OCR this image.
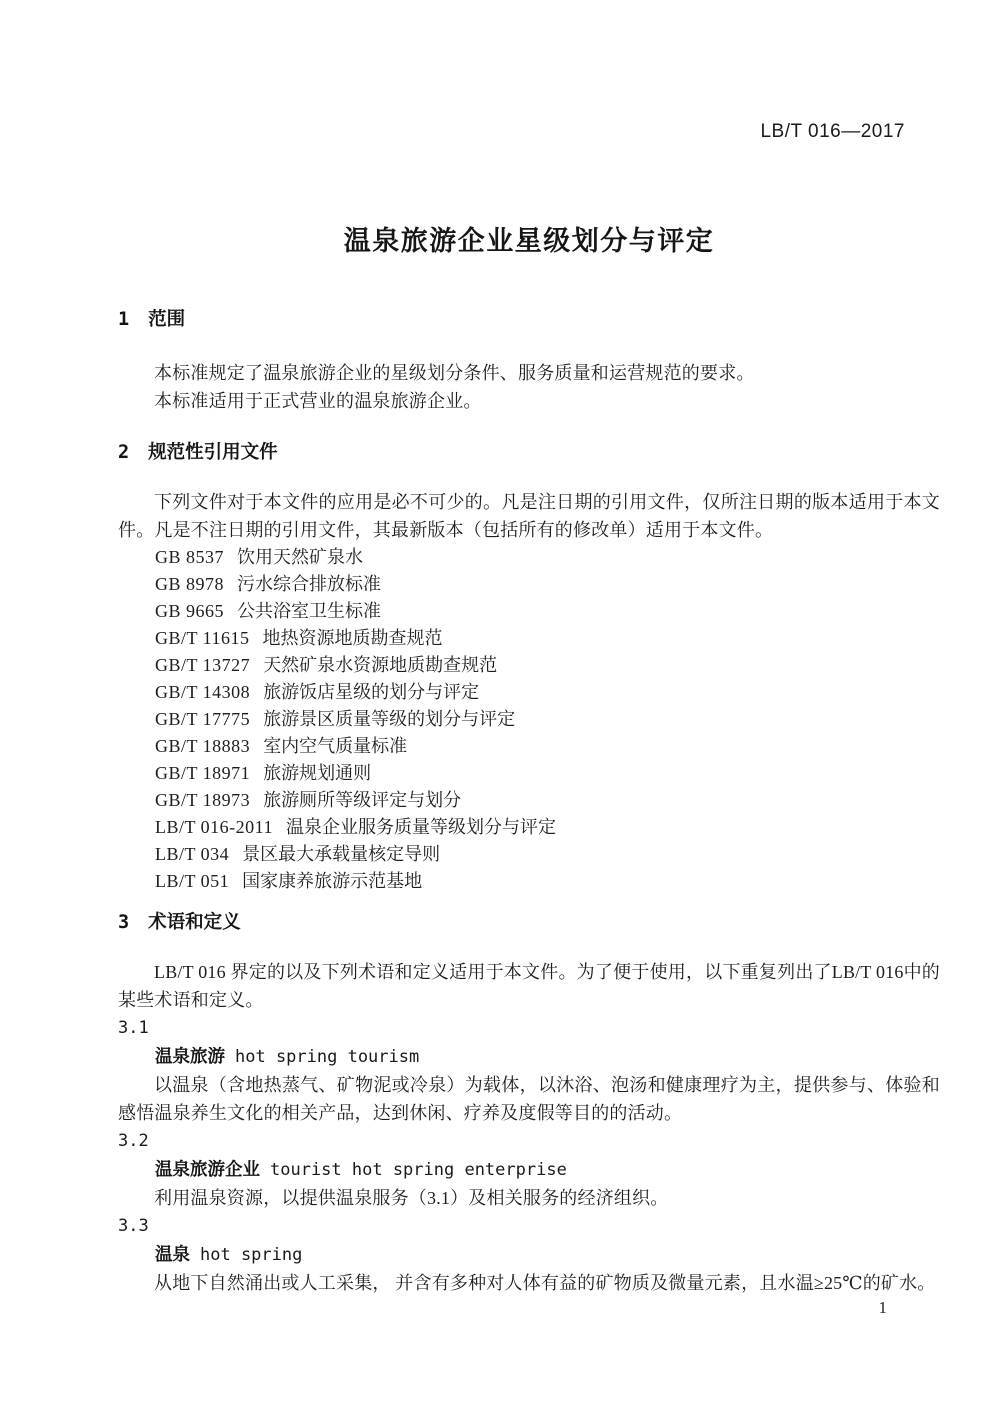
LB/T 016—2017
温泉旅游企业星级划分与评定
1 范围

本标准规定了温泉旅游企业的星级划分条件、服务质量和运营规范的要求。

本标准适用于正式营业的温泉旅游企业。

2 规范性引用文件

下列文件对于本文件的应用是必不可少的。凡是注日期的引用文件，仅所注日期的版本适用于本文件。凡是不注日期的引用文件，其最新版本（包括所有的修改单）适用于本文件。

GB 8537 饮用天然矿泉水
GB 8978 污水综合排放标准
GB 9665 公共浴室卫生标准
GB/T 11615 地热资源地质勘查规范
GB/T 13727 天然矿泉水资源地质勘查规范
GB/T 14308 旅游饭店星级的划分与评定
GB/T 17775 旅游景区质量等级的划分与评定
GB/T 18883 室内空气质量标准
GB/T 18971 旅游规划通则
GB/T 18973 旅游厕所等级评定与划分
LB/T 016-2011 温泉企业服务质量等级划分与评定
LB/T 034 景区最大承载量核定导则
LB/T 051 国家康养旅游示范基地
3 术语和定义

LB/T 016 界定的以及下列术语和定义适用于本文件。为了便于使用，以下重复列出了LB/T 016中的某些术语和定义。

3.1
温泉旅游 hot spring tourism

以温泉（含地热蒸气、矿物泥或冷泉）为载体，以沐浴、泡汤和健康理疗为主，提供参与、体验和感悟温泉养生文化的相关产品，达到休闲、疗养及度假等目的的活动。

3.2
温泉旅游企业 tourist hot spring enterprise

利用温泉资源，以提供温泉服务（3.1）及相关服务的经济组织。

3.3
温泉 hot spring

从地下自然涌出或人工采集， 并含有多种对人体有益的矿物质及微量元素，且水温≥25℃的矿水。

1
